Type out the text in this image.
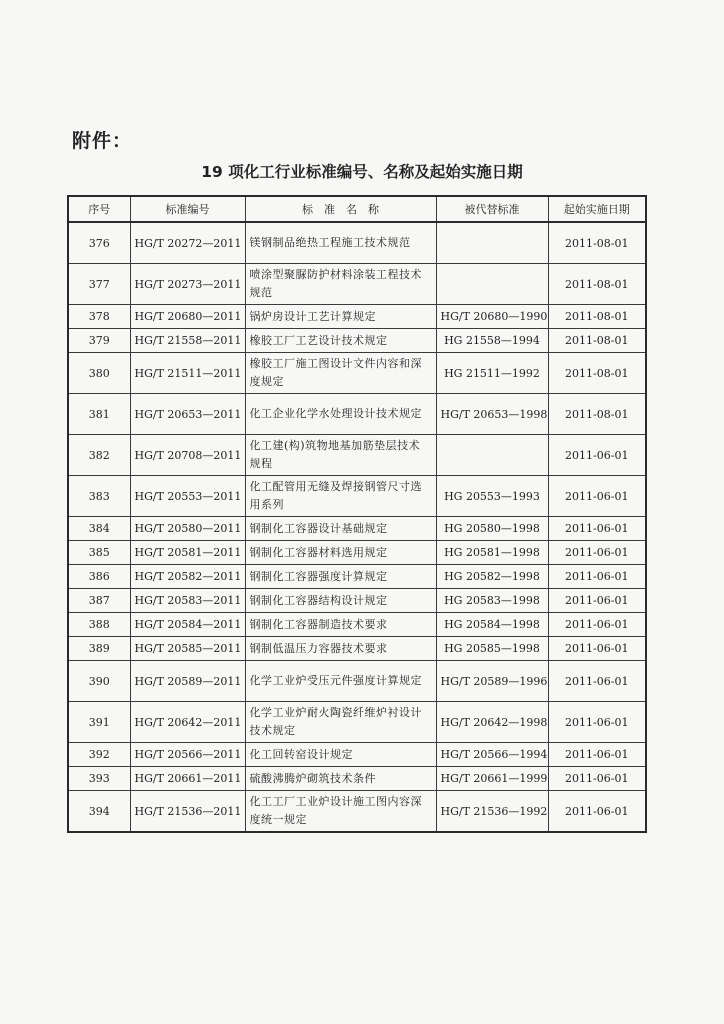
附件：
19 项化工行业标准编号、名称及起始实施日期
序号	标准编号	标　准　名　称	被代替标准	起始实施日期
376	HG/T 20272—2011	镁钢制品绝热工程施工技术规范		2011-08-01
377	HG/T 20273—2011	喷涂型聚脲防护材料涂装工程技术规范		2011-08-01
378	HG/T 20680—2011	锅炉房设计工艺计算规定	HG/T 20680—1990	2011-08-01
379	HG/T 21558—2011	橡胶工厂工艺设计技术规定	HG 21558—1994	2011-08-01
380	HG/T 21511—2011	橡胶工厂施工图设计文件内容和深度规定	HG 21511—1992	2011-08-01
381	HG/T 20653—2011	化工企业化学水处理设计技术规定	HG/T 20653—1998	2011-08-01
382	HG/T 20708—2011	化工建(构)筑物地基加筋垫层技术规程		2011-06-01
383	HG/T 20553—2011	化工配管用无缝及焊接钢管尺寸选用系列	HG 20553—1993	2011-06-01
384	HG/T 20580—2011	钢制化工容器设计基础规定	HG 20580—1998	2011-06-01
385	HG/T 20581—2011	钢制化工容器材料选用规定	HG 20581—1998	2011-06-01
386	HG/T 20582—2011	钢制化工容器强度计算规定	HG 20582—1998	2011-06-01
387	HG/T 20583—2011	钢制化工容器结构设计规定	HG 20583—1998	2011-06-01
388	HG/T 20584—2011	钢制化工容器制造技术要求	HG 20584—1998	2011-06-01
389	HG/T 20585—2011	钢制低温压力容器技术要求	HG 20585—1998	2011-06-01
390	HG/T 20589—2011	化学工业炉受压元件强度计算规定	HG/T 20589—1996	2011-06-01
391	HG/T 20642—2011	化学工业炉耐火陶瓷纤维炉衬设计技术规定	HG/T 20642—1998	2011-06-01
392	HG/T 20566—2011	化工回转窑设计规定	HG/T 20566—1994	2011-06-01
393	HG/T 20661—2011	硫酸沸腾炉砌筑技术条件	HG/T 20661—1999	2011-06-01
394	HG/T 21536—2011	化工工厂工业炉设计施工图内容深度统一规定	HG/T 21536—1992	2011-06-01
